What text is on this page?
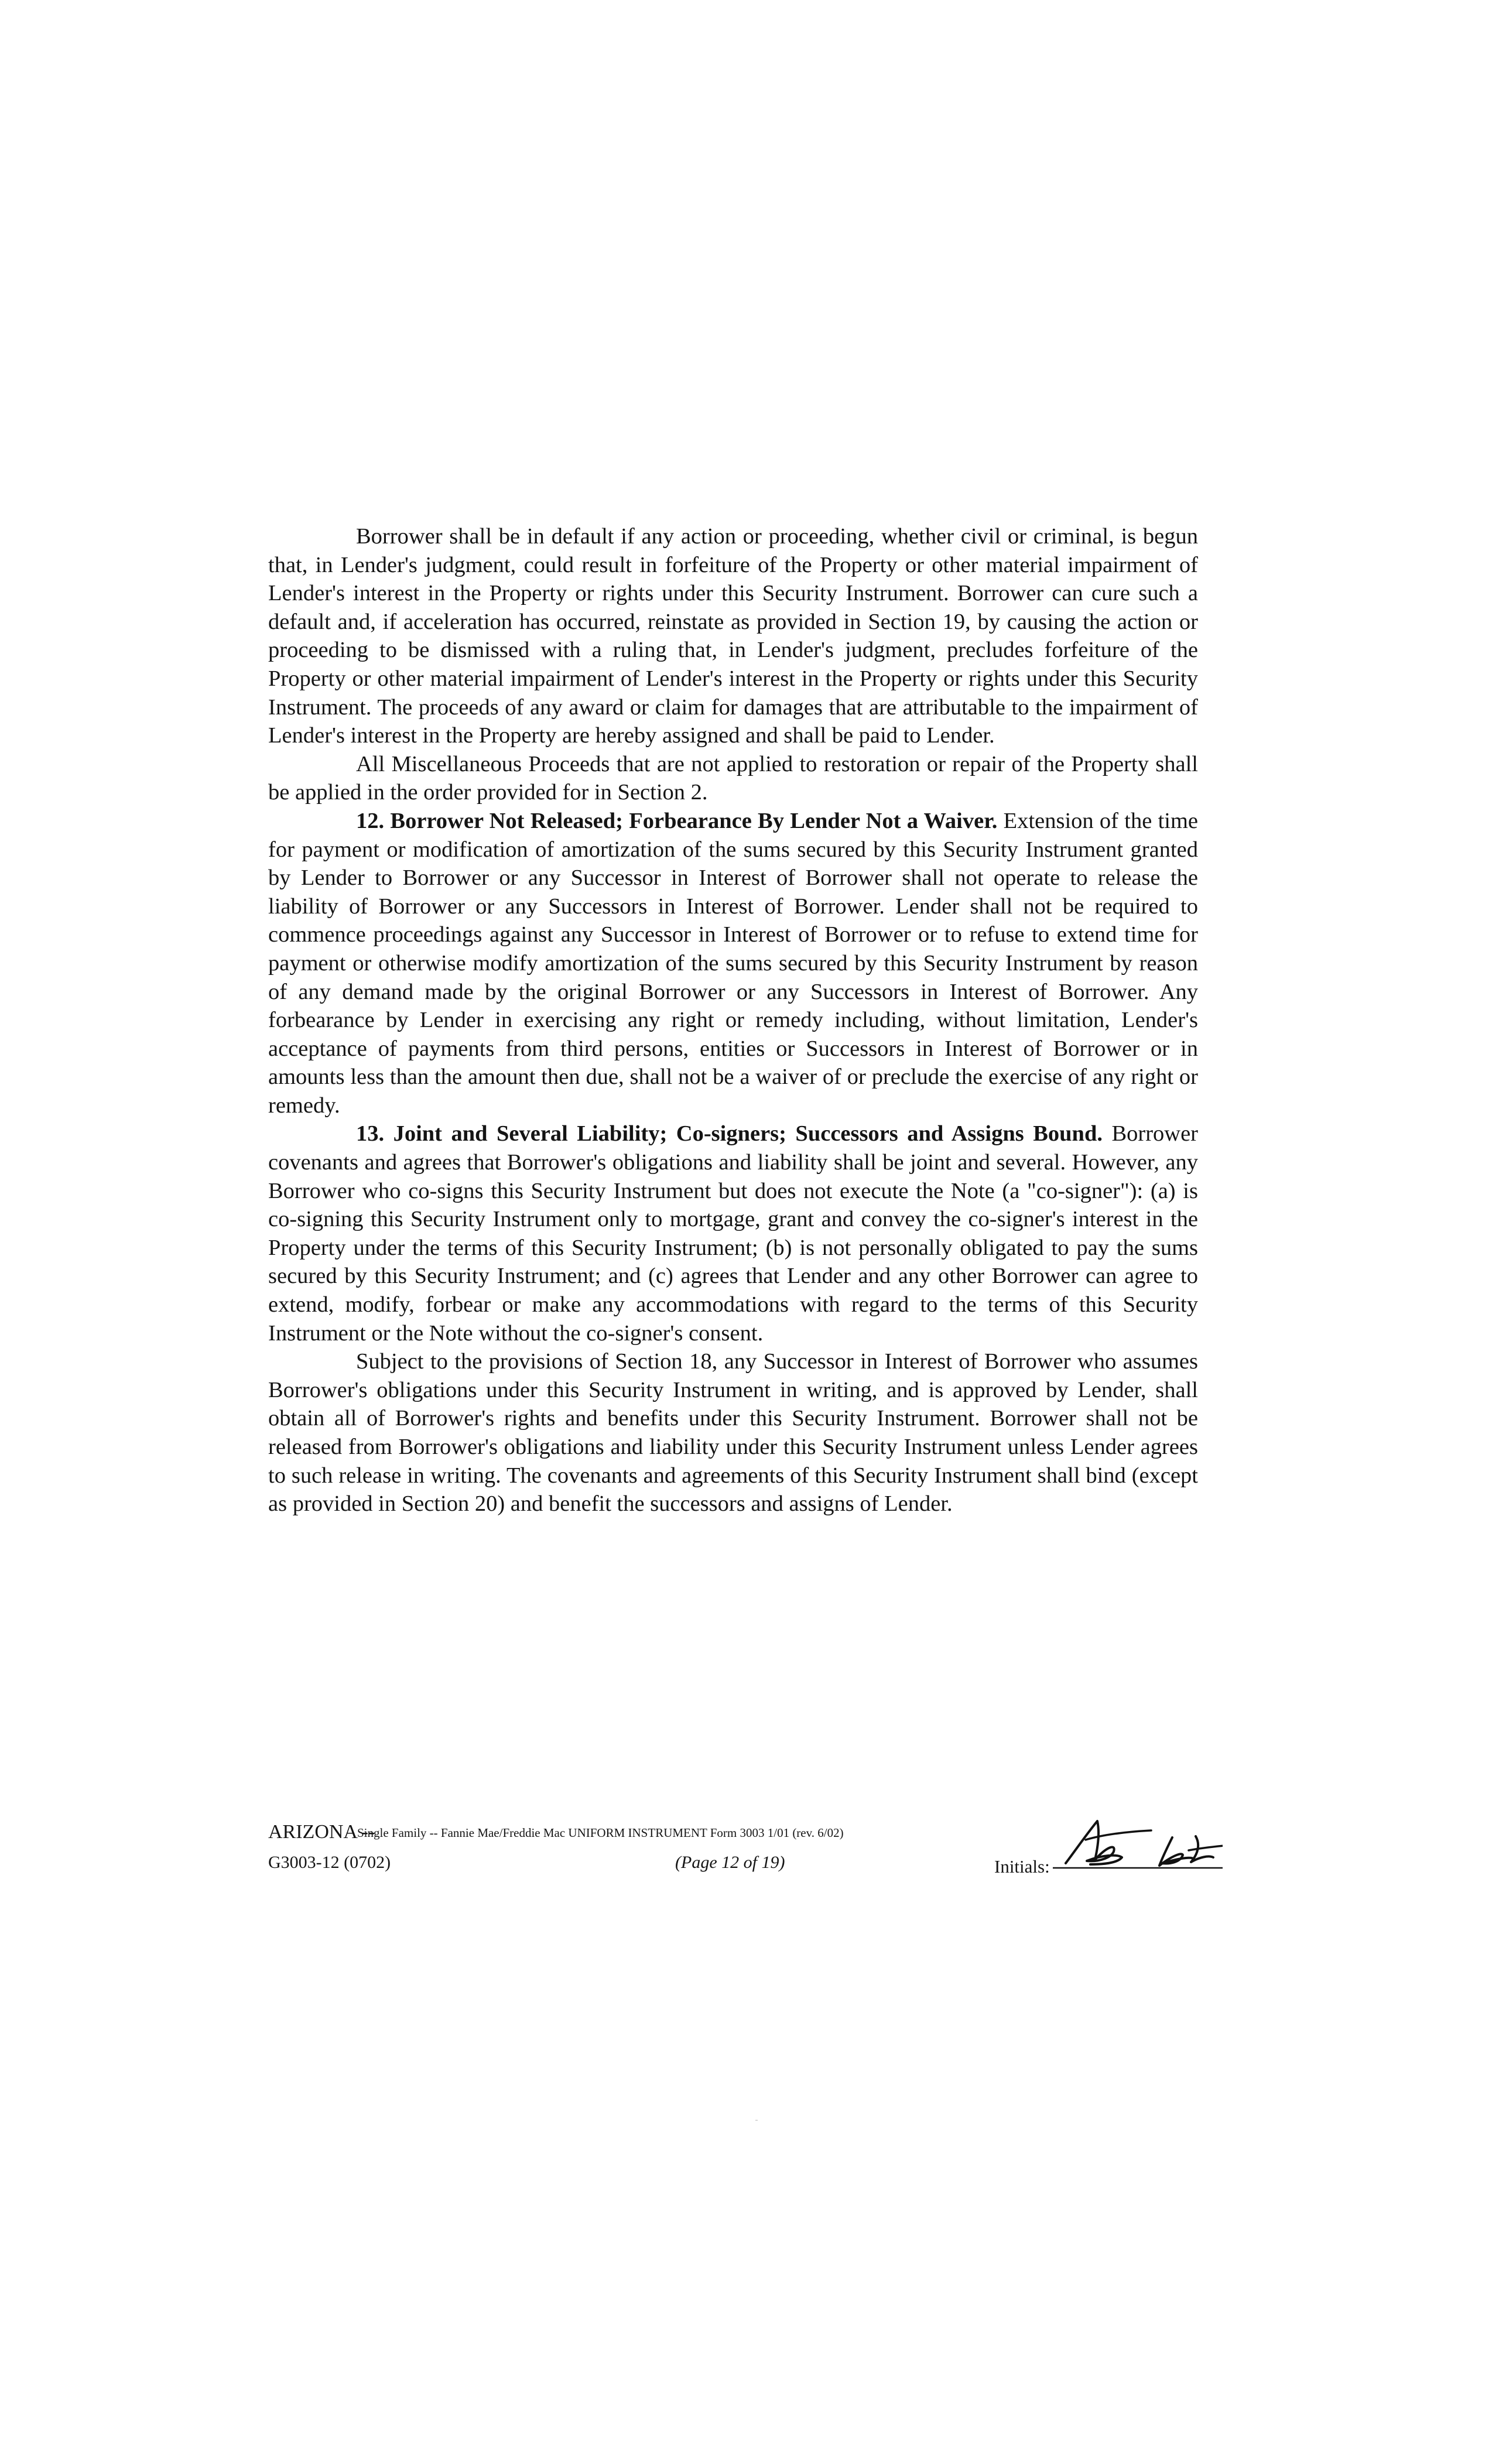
Borrower shall be in default if any action or proceeding, whether civil or criminal, is begun that, in Lender's judgment, could result in forfeiture of the Property or other material impairment of Lender's interest in the Property or rights under this Security Instrument. Borrower can cure such a default and, if acceleration has occurred, reinstate as provided in Section 19, by causing the action or proceeding to be dismissed with a ruling that, in Lender's judgment, precludes forfeiture of the Property or other material impairment of Lender's interest in the Property or rights under this Security Instrument. The proceeds of any award or claim for damages that are attributable to the impairment of Lender's interest in the Property are hereby assigned and shall be paid to Lender.

All Miscellaneous Proceeds that are not applied to restoration or repair of the Property shall be applied in the order provided for in Section 2.

12. Borrower Not Released; Forbearance By Lender Not a Waiver. Extension of the time for payment or modification of amortization of the sums secured by this Security Instrument granted by Lender to Borrower or any Successor in Interest of Borrower shall not operate to release the liability of Borrower or any Successors in Interest of Borrower. Lender shall not be required to commence proceedings against any Successor in Interest of Borrower or to refuse to extend time for payment or otherwise modify amortization of the sums secured by this Security Instrument by reason of any demand made by the original Borrower or any Successors in Interest of Borrower. Any forbearance by Lender in exercising any right or remedy including, without limitation, Lender's acceptance of payments from third persons, entities or Successors in Interest of Borrower or in amounts less than the amount then due, shall not be a waiver of or preclude the exercise of any right or remedy.

13. Joint and Several Liability; Co-signers; Successors and Assigns Bound. Borrower covenants and agrees that Borrower's obligations and liability shall be joint and several. However, any Borrower who co-signs this Security Instrument but does not execute the Note (a "co-signer"): (a) is co-signing this Security Instrument only to mortgage, grant and convey the co-signer's interest in the Property under the terms of this Security Instrument; (b) is not personally obligated to pay the sums secured by this Security Instrument; and (c) agrees that Lender and any other Borrower can agree to extend, modify, forbear or make any accommodations with regard to the terms of this Security Instrument or the Note without the co-signer's consent.

Subject to the provisions of Section 18, any Successor in Interest of Borrower who assumes Borrower's obligations under this Security Instrument in writing, and is approved by Lender, shall obtain all of Borrower's rights and benefits under this Security Instrument. Borrower shall not be released from Borrower's obligations and liability under this Security Instrument unless Lender agrees to such release in writing. The covenants and agreements of this Security Instrument shall bind (except as provided in Section 20) and benefit the successors and assigns of Lender.

ARIZONA --
Single Family -- Fannie Mae/Freddie Mac UNIFORM INSTRUMENT Form 3003 1/01 (rev. 6/02)
G3003-12 (0702)	(Page 12 of 19)	Initials:
